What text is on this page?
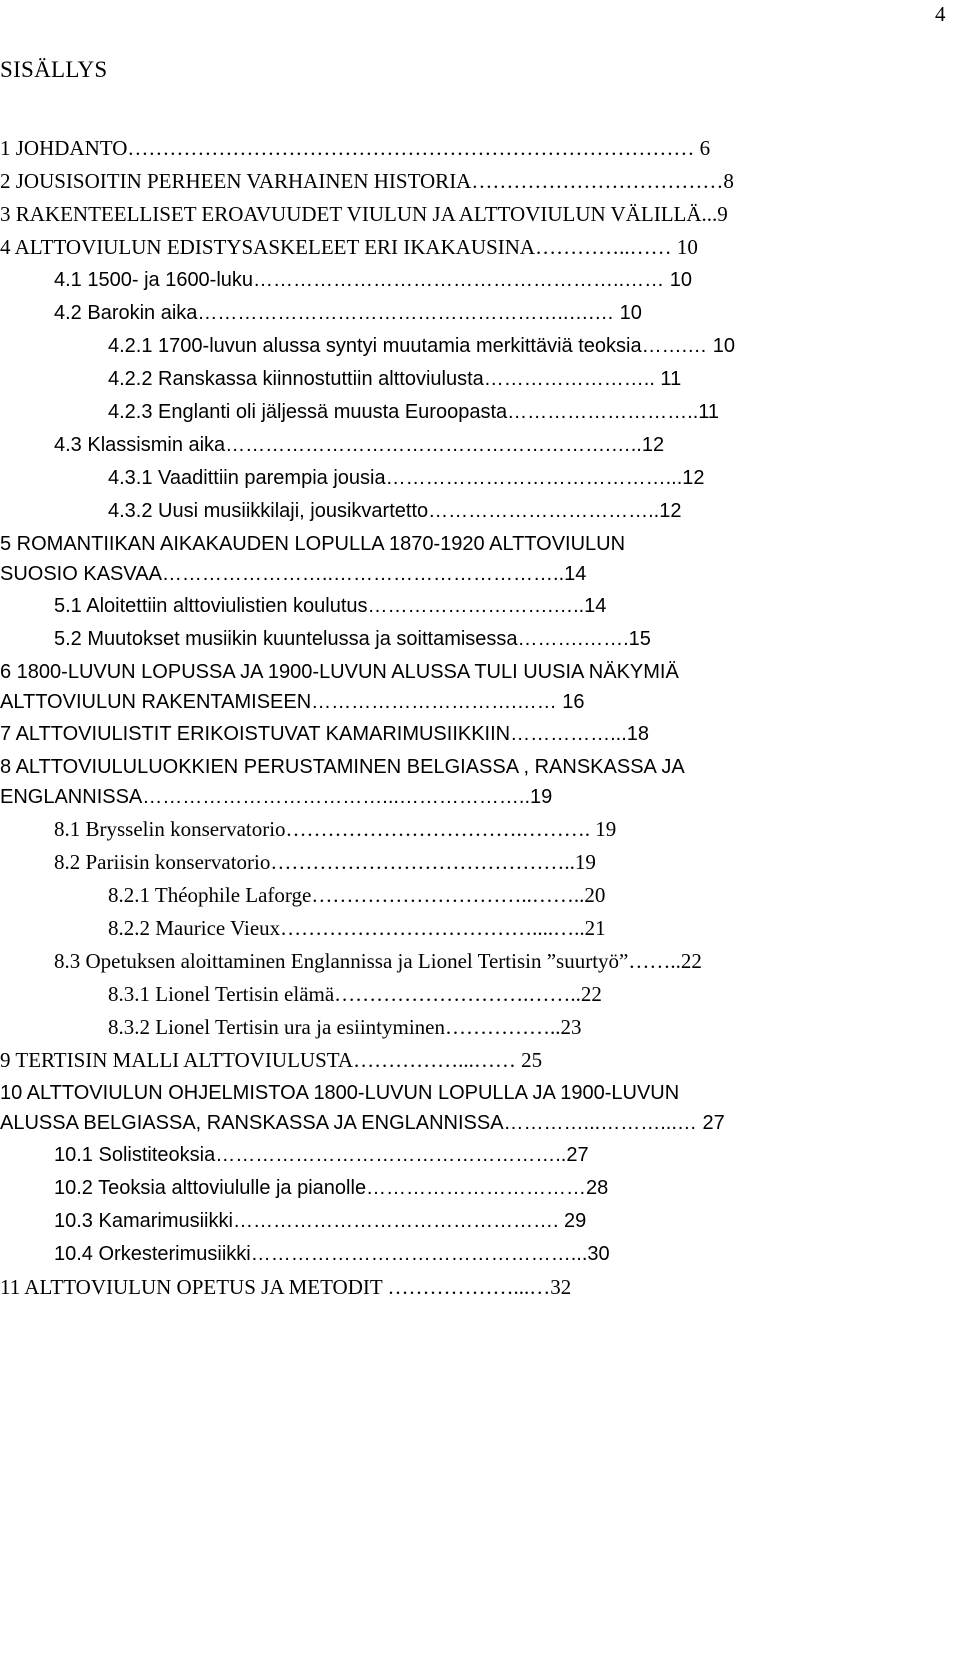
4
SISÄLLYS
1 JOHDANTO……………………………………………………………………… 6
2 JOUSISOITIN PERHEEN VARHAINEN HISTORIA………………………………8
3 RAKENTEELLISET EROAVUUDET VIULUN JA ALTTOVIULUN VÄLILLÄ...9
4 ALTTOVIULUN EDISTYSASKELEET ERI IKAKAUSINA…………..…… 10
4.1 1500- ja 1600-luku………………………………………………..…… 10
4.2 Barokin aika………………………………………………..….… 10
4.2.1 1700-luvun alussa syntyi muutamia merkittäviä teoksia…….… 10
4.2.2 Ranskassa kiinnostuttiin alttoviulusta…………………….. 11
4.2.3 Englanti oli jäljessä muusta Euroopasta………………………..11
4.3 Klassismin aika………………………………………………….…..12
4.3.1 Vaadittiin parempia jousia……………………………………...12
4.3.2 Uusi musiikkilaji, jousikvartetto……………………………..12
5 ROMANTIIKAN AIKAKAUDEN LOPULLA 1870-1920 ALTTOVIULUN
SUOSIO KASVAA……………………..……………………………..14
5.1 Aloitettiin alttoviulistien koulutus……………………….…..14
5.2 Muutokset musiikin kuuntelussa ja soittamisessa……….…….15
6 1800-LUVUN LOPUSSA JA 1900-LUVUN ALUSSA TULI UUSIA NÄKYMIÄ
ALTTOVIULUN RAKENTAMISEEN………………………….…… 16
7 ALTTOVIULISTIT ERIKOISTUVAT KAMARIMUSIIKKIIN……………...18
8 ALTTOVIULULUOKKIEN PERUSTAMINEN BELGIASSA , RANSKASSA JA
ENGLANNISSA………………………………...………………..19
8.1 Brysselin konservatorio…………………………….………. 19
8.2 Pariisin konservatorio……………………………………..19
8.2.1 Théophile Laforge…………………………..……..20
8.2.2 Maurice Vieux………………………………....…..21
8.3 Opetuksen aloittaminen Englannissa ja Lionel Tertisin ”suurtyö”……..22
8.3.1 Lionel Tertisin elämä……………………….……..22
8.3.2 Lionel Tertisin ura ja esiintyminen……………..23
9 TERTISIN MALLI ALTTOVIULUSTA……………...…… 25
10 ALTTOVIULUN OHJELMISTOA 1800-LUVUN LOPULLA JA 1900-LUVUN
ALUSSA BELGIASSA, RANSKASSA JA ENGLANNISSA…………...………...… 27
10.1 Solistiteoksia……………………………………………..27
10.2 Teoksia alttoviululle ja pianolle……………………………28
10.3 Kamarimusiikki…………………………………………. 29
10.4 Orkesterimusiikki…………………………………………...30
11 ALTTOVIULUN OPETUS JA METODIT ………………...…32
